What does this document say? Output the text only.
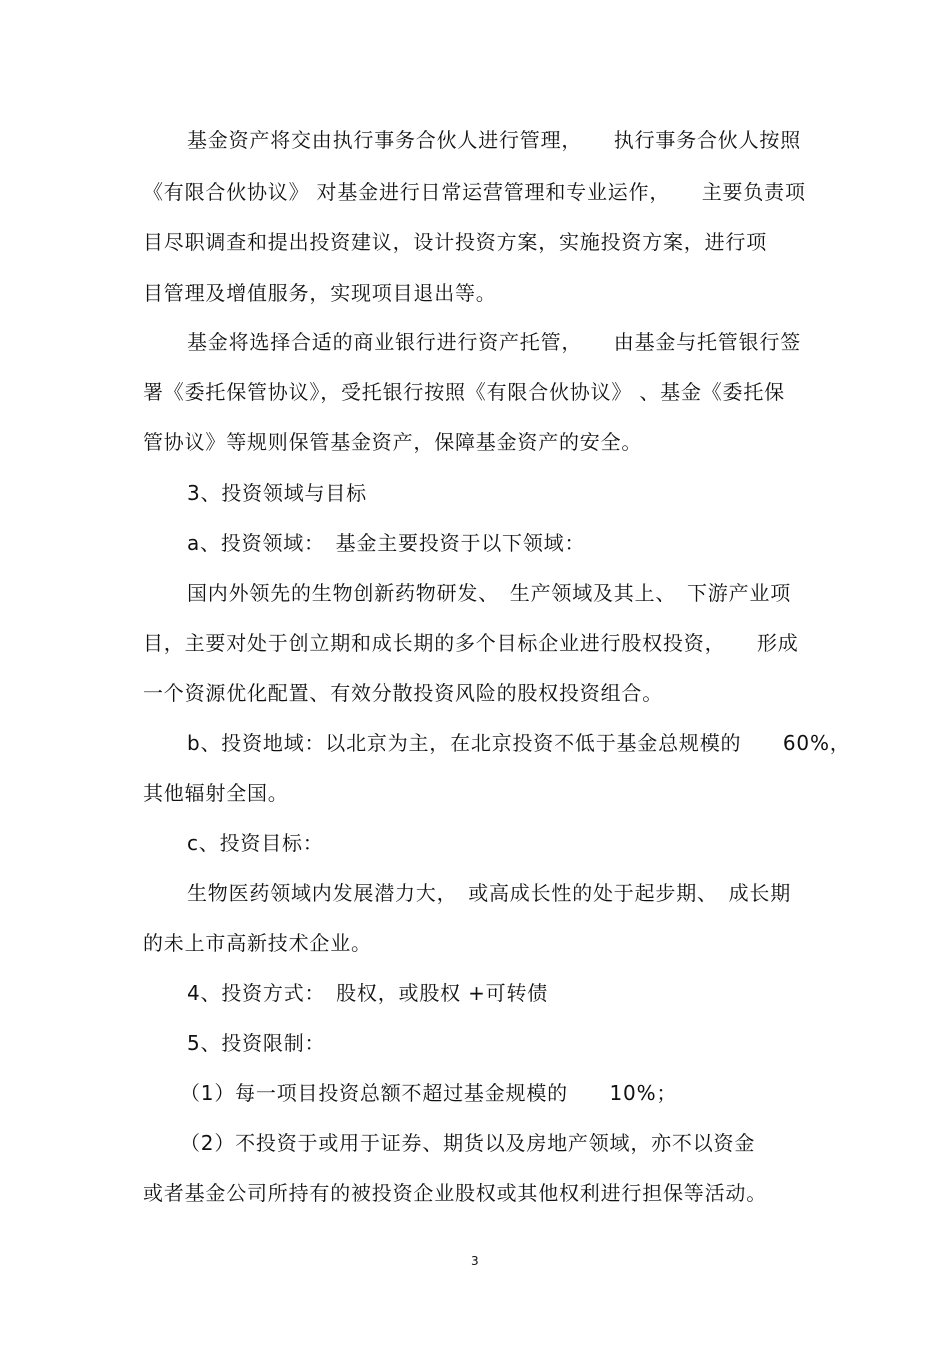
基金资产将交由执行事务合伙人进行管理，　　执行事务合伙人按照
《有限合伙协议》 对基金进行日常运营管理和专业运作，　　主要负责项
目尽职调查和提出投资建议，设计投资方案，实施投资方案，进行项
目管理及增值服务，实现项目退出等。
基金将选择合适的商业银行进行资产托管，　　由基金与托管银行签
署《委托保管协议》，受托银行按照《有限合伙协议》 、基金《委托保
管协议》等规则保管基金资产，保障基金资产的安全。
3、投资领域与目标
a、投资领域：　基金主要投资于以下领域：
国内外领先的生物创新药物研发、　生产领域及其上、　下游产业项
目，主要对处于创立期和成长期的多个目标企业进行股权投资，　　形成
一个资源优化配置、有效分散投资风险的股权投资组合。
b、投资地域：以北京为主，在北京投资不低于基金总规模的　　60%，
其他辐射全国。
c、投资目标：
生物医药领域内发展潜力大，　或高成长性的处于起步期、　成长期
的未上市高新技术企业。
4、投资方式：　股权，或股权 +可转债
5、投资限制：
（1）每一项目投资总额不超过基金规模的　　10%；
（2）不投资于或用于证券、期货以及房地产领域，亦不以资金
或者基金公司所持有的被投资企业股权或其他权利进行担保等活动。
3
